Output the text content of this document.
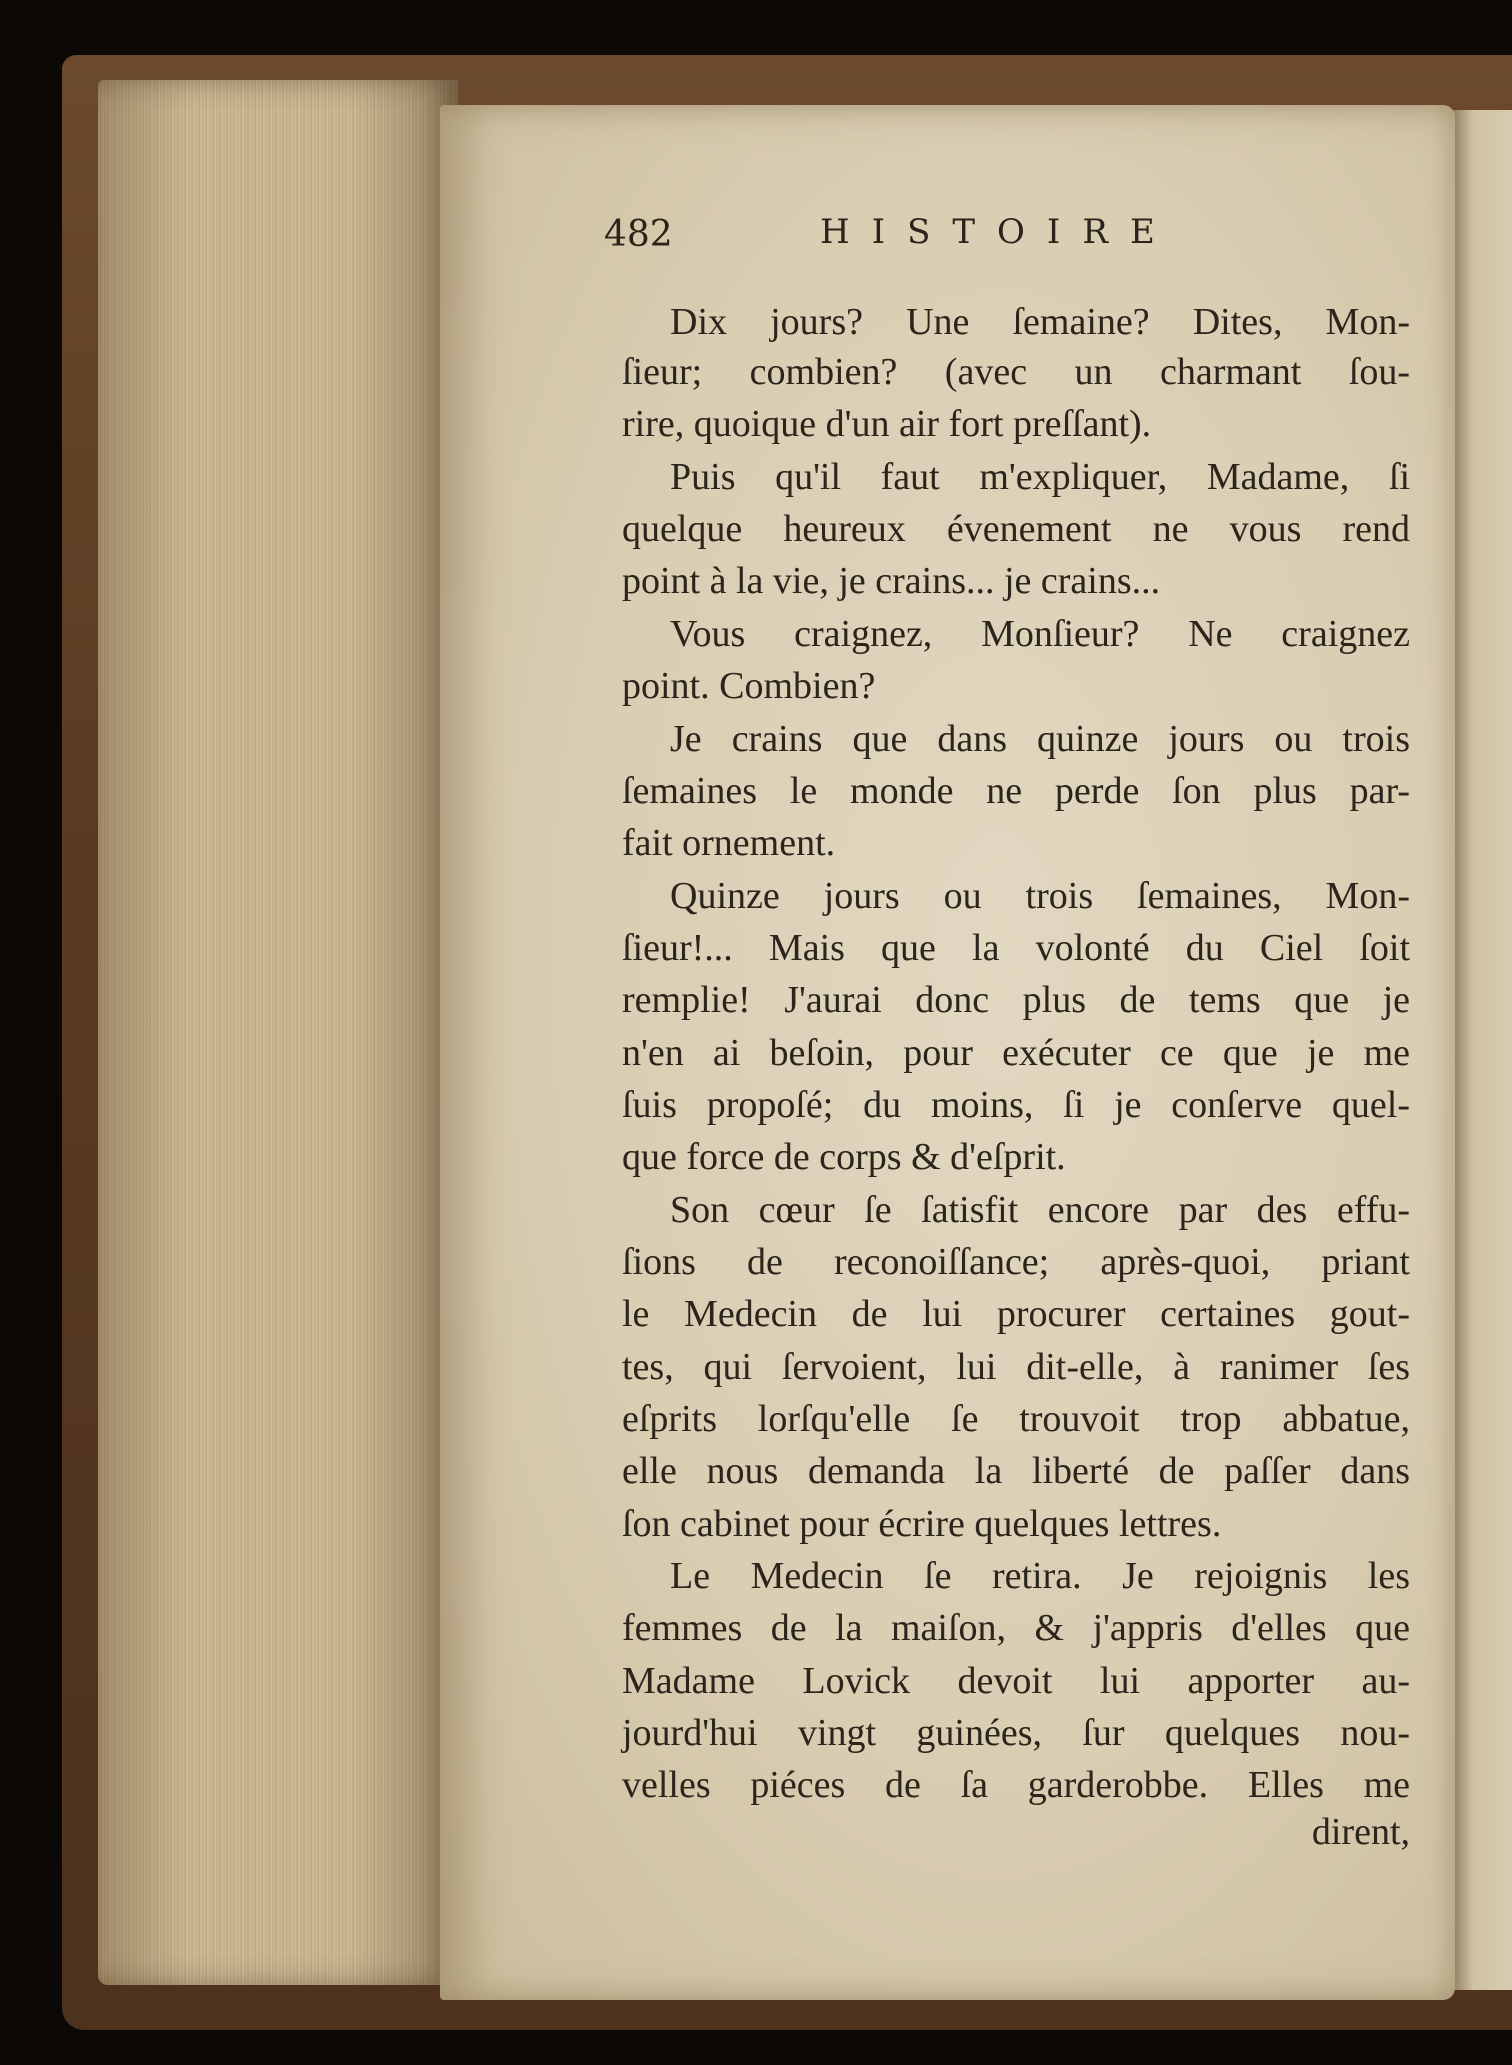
482	HISTOIRE
Dix jours? Une ſemaine? Dites, Mon-
ſieur; combien? (avec un charmant ſou-
rire, quoique d'un air fort preſſant).
Puis qu'il faut m'expliquer, Madame, ſi
quelque heureux évenement ne vous rend
point à la vie, je crains... je crains...
Vous craignez, Monſieur? Ne craignez
point. Combien?
Je crains que dans quinze jours ou trois
ſemaines le monde ne perde ſon plus par-
fait ornement.
Quinze jours ou trois ſemaines, Mon-
ſieur!... Mais que la volonté du Ciel ſoit
remplie! J'aurai donc plus de tems que je
n'en ai beſoin, pour exécuter ce que je me
ſuis propoſé; du moins, ſi je conſerve quel-
que force de corps & d'eſprit.
Son cœur ſe ſatisfit encore par des effu-
ſions de reconoiſſance; après-quoi, priant
le Medecin de lui procurer certaines gout-
tes, qui ſervoient, lui dit-elle, à ranimer ſes
eſprits lorſqu'elle ſe trouvoit trop abbatue,
elle nous demanda la liberté de paſſer dans
ſon cabinet pour écrire quelques lettres.
Le Medecin ſe retira. Je rejoignis les
femmes de la maiſon, & j'appris d'elles que
Madame Lovick devoit lui apporter au-
jourd'hui vingt guinées, ſur quelques nou-
velles piéces de ſa garderobbe. Elles me
dirent,
